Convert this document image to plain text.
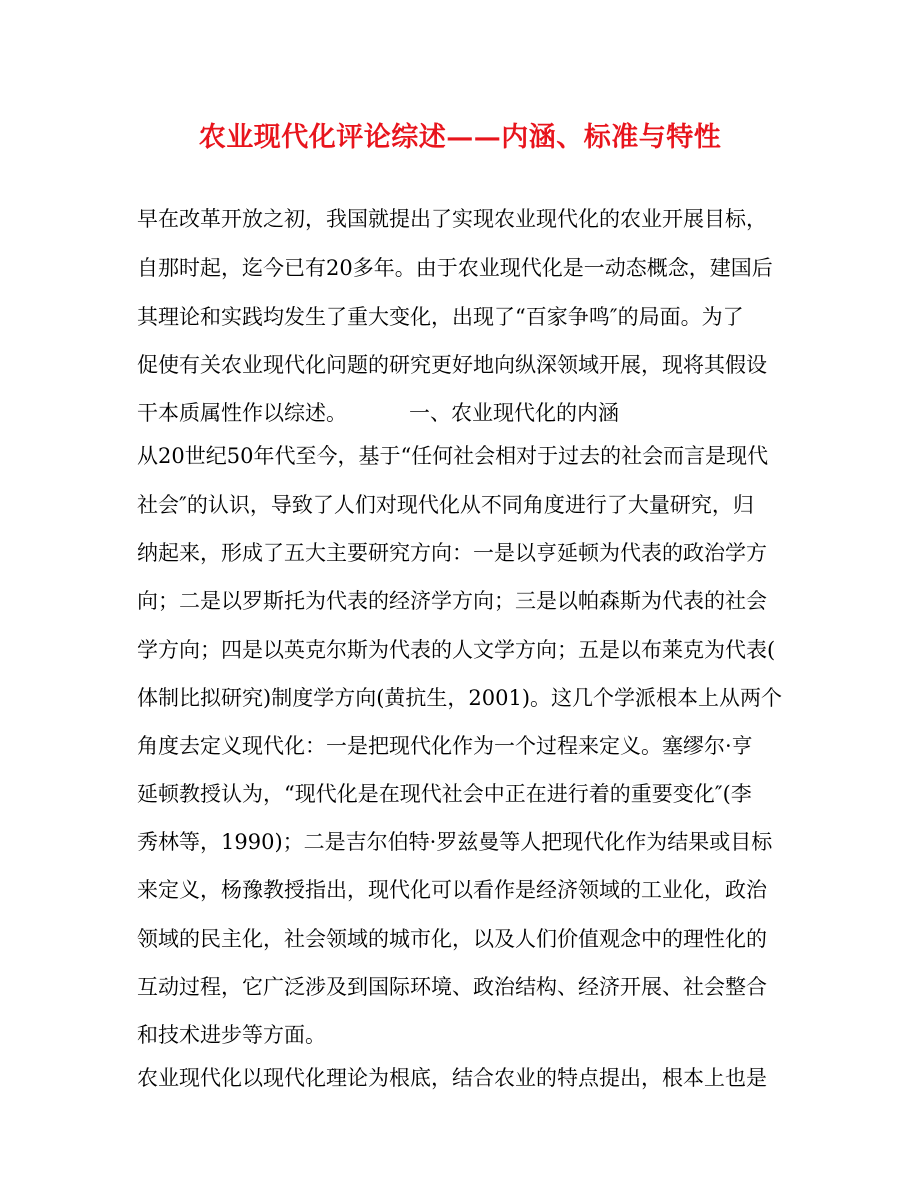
农业现代化评论综述——内涵、标准与特性
早在改革开放之初，我国就提出了实现农业现代化的农业开展目标，
自那时起，迄今已有20多年。由于农业现代化是一动态概念，建国后
其理论和实践均发生了重大变化，出现了“百家争鸣″的局面。为了
促使有关农业现代化问题的研究更好地向纵深领域开展，现将其假设
干本质属性作以综述。	一、农业现代化的内涵
从20世纪50年代至今，基于“任何社会相对于过去的社会而言是现代
社会″的认识，导致了人们对现代化从不同角度进行了大量研究，归
纳起来，形成了五大主要研究方向：一是以亨延顿为代表的政治学方
向；二是以罗斯托为代表的经济学方向；三是以帕森斯为代表的社会
学方向；四是以英克尔斯为代表的人文学方向；五是以布莱克为代表(
体制比拟研究)制度学方向(黄抗生，2001)。这几个学派根本上从两个
角度去定义现代化：一是把现代化作为一个过程来定义。塞缪尔·亨
延顿教授认为，“现代化是在现代社会中正在进行着的重要变化″(李
秀林等，1990)；二是吉尔伯特·罗兹曼等人把现代化作为结果或目标
来定义，杨豫教授指出，现代化可以看作是经济领域的工业化，政治
领域的民主化，社会领域的城市化，以及人们价值观念中的理性化的
互动过程，它广泛涉及到国际环境、政治结构、经济开展、社会整合
和技术进步等方面。
农业现代化以现代化理论为根底，结合农业的特点提出，根本上也是
